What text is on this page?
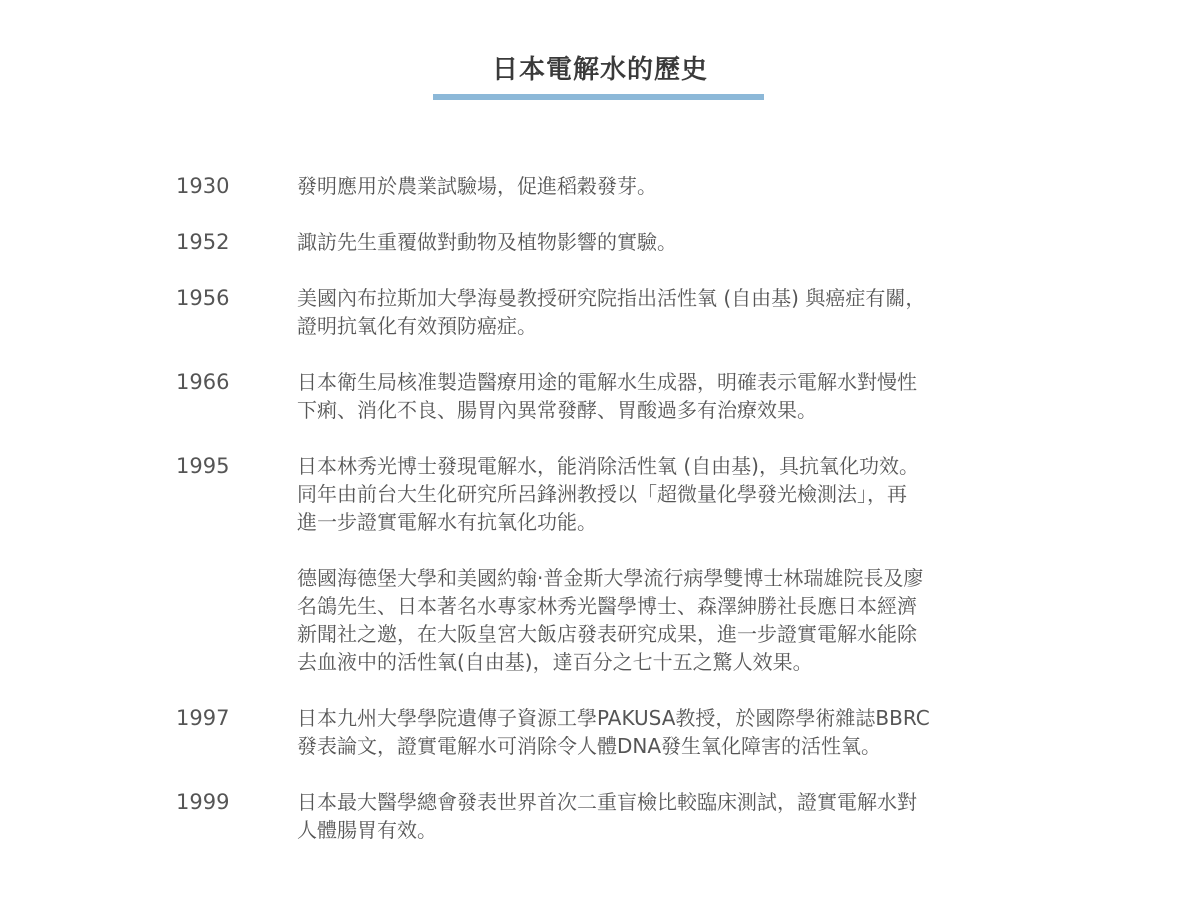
日本電解水的歷史
1930	發明應用於農業試驗場，促進稻穀發芽。

1952	諏訪先生重覆做對動物及植物影響的實驗。

1956	美國內布拉斯加大學海曼教授研究院指出活性氧 (自由基) 與癌症有關，
證明抗氧化有效預防癌症。

1966	日本衛生局核准製造醫療用途的電解水生成器，明確表示電解水對慢性
下痢、消化不良、腸胃內異常發酵、胃酸過多有治療效果。

1995	日本林秀光博士發現電解水，能消除活性氧 (自由基)，具抗氧化功效。
同年由前台大生化研究所呂鋒洲教授以「超微量化學發光檢測法」，再
進一步證實電解水有抗氧化功能。

德國海德堡大學和美國約翰·普金斯大學流行病學雙博士林瑞雄院長及廖
名鴿先生、日本著名水專家林秀光醫學博士、森澤紳勝社長應日本經濟
新聞社之邀，在大阪皇宮大飯店發表研究成果，進一步證實電解水能除
去血液中的活性氧(自由基)，達百分之七十五之驚人效果。

1997	日本九州大學學院遺傳子資源工學PAKUSA教授，於國際學術雜誌BBRC
發表論文，證實電解水可消除令人體DNA發生氧化障害的活性氧。

1999	日本最大醫學總會發表世界首次二重盲檢比較臨床測試，證實電解水對
人體腸胃有效。
